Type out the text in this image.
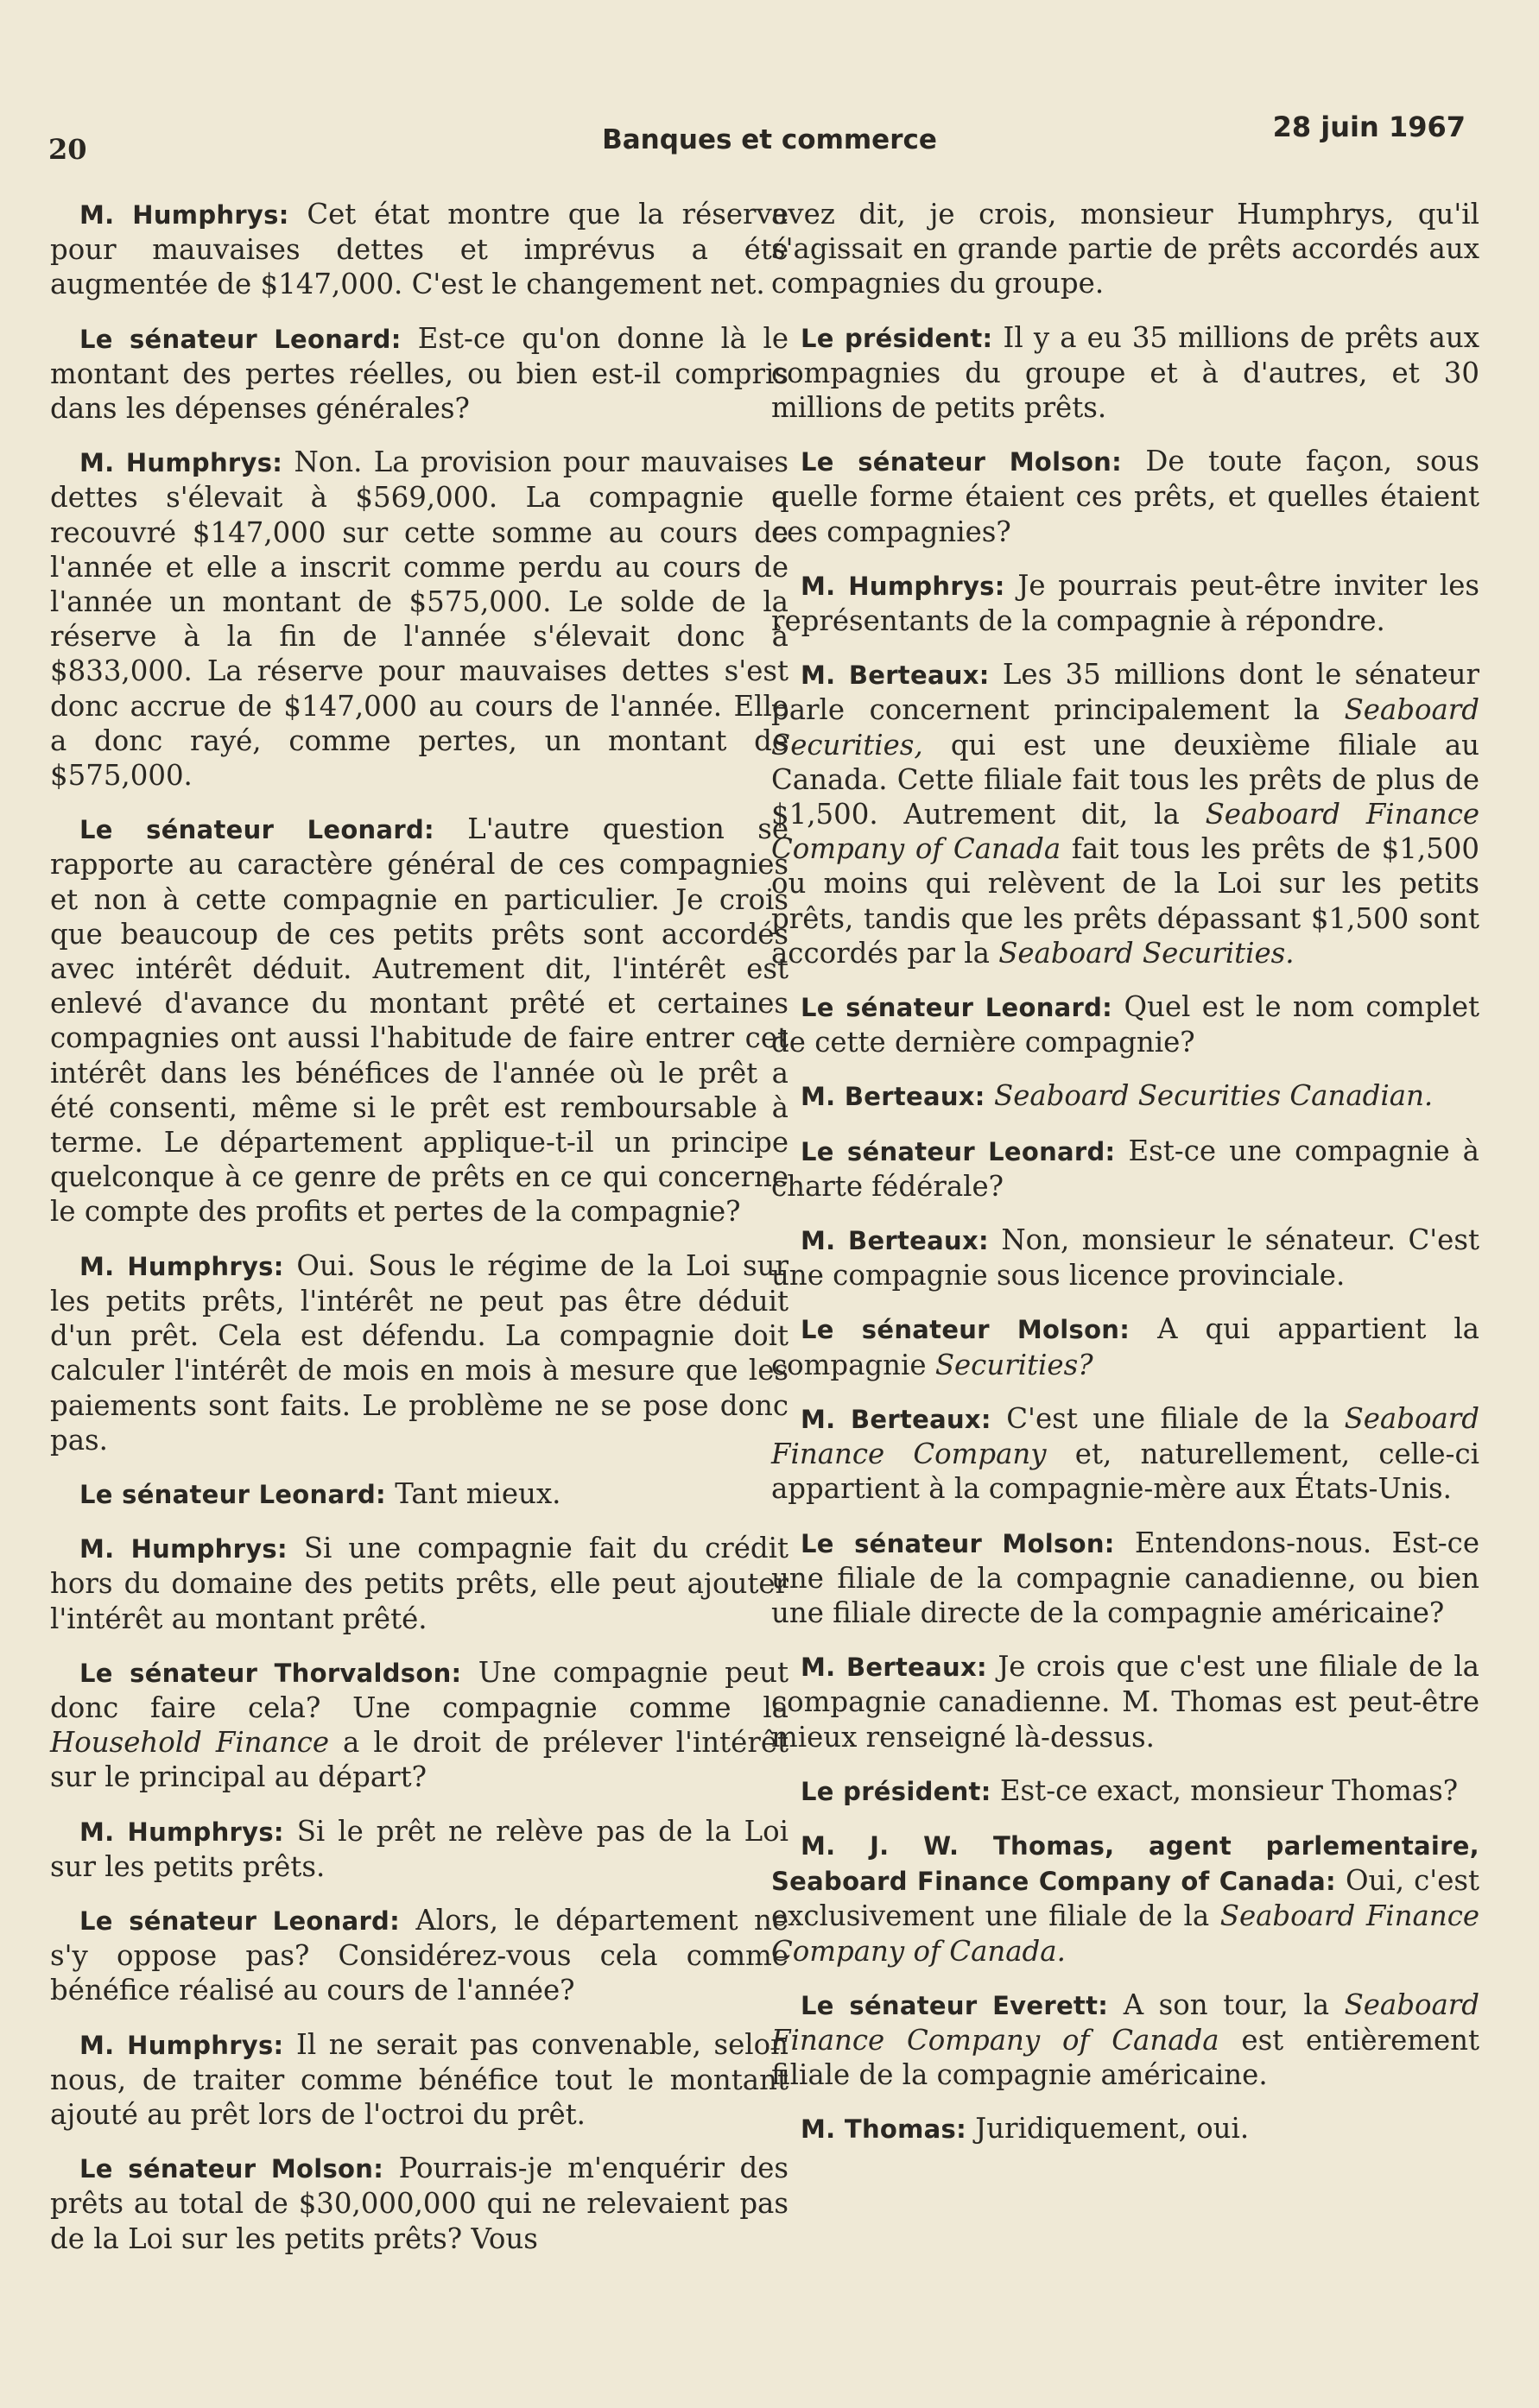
20	Banques et commerce	28 juin 1967

M. Humphrys: Cet état montre que la réserve pour mauvaises dettes et imprévus a été augmentée de $147,000. C'est le changement net.

Le sénateur Leonard: Est-ce qu'on donne là le montant des pertes réelles, ou bien est-il compris dans les dépenses générales?

M. Humphrys: Non. La provision pour mauvaises dettes s'élevait à $569,000. La compagnie a recouvré $147,000 sur cette somme au cours de l'année et elle a inscrit comme perdu au cours de l'année un montant de $575,000. Le solde de la réserve à la fin de l'année s'élevait donc à $833,000. La réserve pour mauvaises dettes s'est donc accrue de $147,000 au cours de l'année. Elle a donc rayé, comme pertes, un montant de $575,000.

Le sénateur Leonard: L'autre question se rapporte au caractère général de ces compagnies et non à cette compagnie en particulier. Je crois que beaucoup de ces petits prêts sont accordés avec intérêt déduit. Autrement dit, l'intérêt est enlevé d'avance du montant prêté et certaines compagnies ont aussi l'habitude de faire entrer cet intérêt dans les bénéfices de l'année où le prêt a été consenti, même si le prêt est remboursable à terme. Le département applique-t-il un principe quelconque à ce genre de prêts en ce qui concerne le compte des profits et pertes de la compagnie?

M. Humphrys: Oui. Sous le régime de la Loi sur les petits prêts, l'intérêt ne peut pas être déduit d'un prêt. Cela est défendu. La compagnie doit calculer l'intérêt de mois en mois à mesure que les paiements sont faits. Le problème ne se pose donc pas.

Le sénateur Leonard: Tant mieux.

M. Humphrys: Si une compagnie fait du crédit hors du domaine des petits prêts, elle peut ajouter l'intérêt au montant prêté.

Le sénateur Thorvaldson: Une compagnie peut donc faire cela? Une compagnie comme la Household Finance a le droit de prélever l'intérêt sur le principal au départ?

M. Humphrys: Si le prêt ne relève pas de la Loi sur les petits prêts.

Le sénateur Leonard: Alors, le département ne s'y oppose pas? Considérez-vous cela comme bénéfice réalisé au cours de l'année?

M. Humphrys: Il ne serait pas convenable, selon nous, de traiter comme bénéfice tout le montant ajouté au prêt lors de l'octroi du prêt.

Le sénateur Molson: Pourrais-je m'enquérir des prêts au total de $30,000,000 qui ne relevaient pas de la Loi sur les petits prêts? Vous

avez dit, je crois, monsieur Humphrys, qu'il s'agissait en grande partie de prêts accordés aux compagnies du groupe.

Le président: Il y a eu 35 millions de prêts aux compagnies du groupe et à d'autres, et 30 millions de petits prêts.

Le sénateur Molson: De toute façon, sous quelle forme étaient ces prêts, et quelles étaient ces compagnies?

M. Humphrys: Je pourrais peut-être inviter les représentants de la compagnie à répondre.

M. Berteaux: Les 35 millions dont le sénateur parle concernent principalement la Seaboard Securities, qui est une deuxième filiale au Canada. Cette filiale fait tous les prêts de plus de $1,500. Autrement dit, la Seaboard Finance Company of Canada fait tous les prêts de $1,500 ou moins qui relèvent de la Loi sur les petits prêts, tandis que les prêts dépassant $1,500 sont accordés par la Seaboard Securities.

Le sénateur Leonard: Quel est le nom complet de cette dernière compagnie?

M. Berteaux: Seaboard Securities Canadian.

Le sénateur Leonard: Est-ce une compagnie à charte fédérale?

M. Berteaux: Non, monsieur le sénateur. C'est une compagnie sous licence provinciale.

Le sénateur Molson: A qui appartient la compagnie Securities?

M. Berteaux: C'est une filiale de la Seaboard Finance Company et, naturellement, celle-ci appartient à la compagnie-mère aux États-Unis.

Le sénateur Molson: Entendons-nous. Est-ce une filiale de la compagnie canadienne, ou bien une filiale directe de la compagnie américaine?

M. Berteaux: Je crois que c'est une filiale de la compagnie canadienne. M. Thomas est peut-être mieux renseigné là-dessus.

Le président: Est-ce exact, monsieur Thomas?

M. J. W. Thomas, agent parlementaire, Seaboard Finance Company of Canada: Oui, c'est exclusivement une filiale de la Seaboard Finance Company of Canada.

Le sénateur Everett: A son tour, la Seaboard Finance Company of Canada est entièrement filiale de la compagnie américaine.

M. Thomas: Juridiquement, oui.
